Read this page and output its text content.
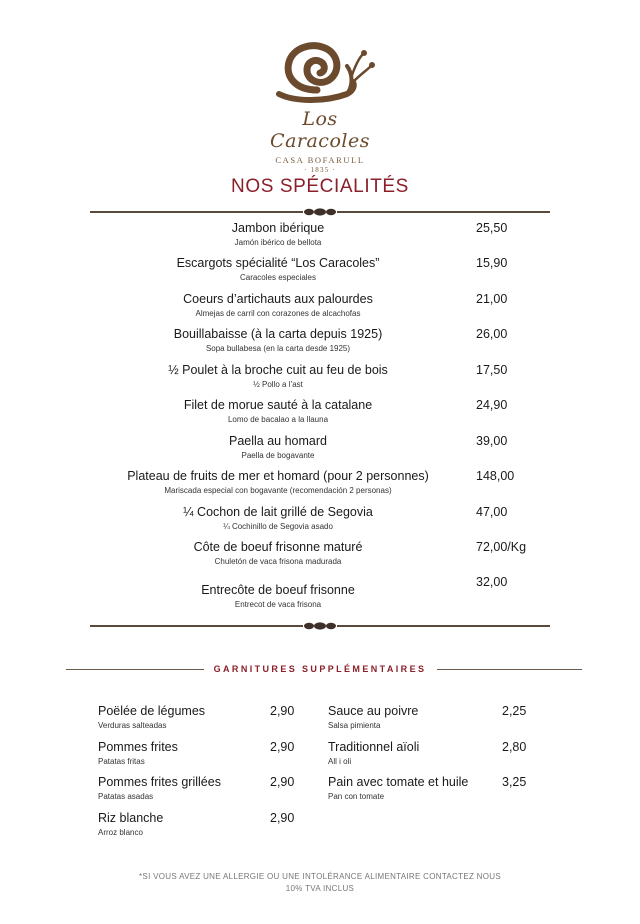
Los Caracoles
CASA BOFARULL
· 1835 ·
NOS SPÉCIALITÉS
Jambon ibérique
Jamón ibérico de bellota
25,50
Escargots spécialité “Los Caracoles”
Caracoles especiales
15,90
Coeurs d’artichauts aux palourdes
Almejas de carril con corazones de alcachofas
21,00
Bouillabaisse (à la carta depuis 1925)
Sopa bullabesa (en la carta desde 1925)
26,00
½ Poulet à la broche cuit au feu de bois
½ Pollo a l’ast
17,50
Filet de morue sauté à la catalane
Lomo de bacalao a la llauna
24,90
Paella au homard
Paella de bogavante
39,00
Plateau de fruits de mer et homard (pour 2 personnes)
Mariscada especial con bogavante (recomendación 2 personas)
148,00
¼ Cochon de lait grillé de Segovia
¼ Cochinillo de Segovia asado
47,00
Côte de boeuf frisonne maturé
Chuletón de vaca frisona madurada
72,00/Kg
Entrecôte de boeuf frisonne
Entrecot de vaca frisona
32,00
GARNITURES SUPPLÉMENTAIRES
Poëlée de légumes
Verduras salteadas
2,90
Pommes frites
Patatas fritas
2,90
Pommes frites grillées
Patatas asadas
2,90
Riz blanche
Arroz blanco
2,90
Sauce au poivre
Salsa pimienta
2,25
Traditionnel aïoli
All i oli
2,80
Pain avec tomate et huile
Pan con tomate
3,25
*SI VOUS AVEZ UNE ALLERGIE OU UNE INTOLÉRANCE ALIMENTAIRE CONTACTEZ NOUS
10% TVA INCLUS
